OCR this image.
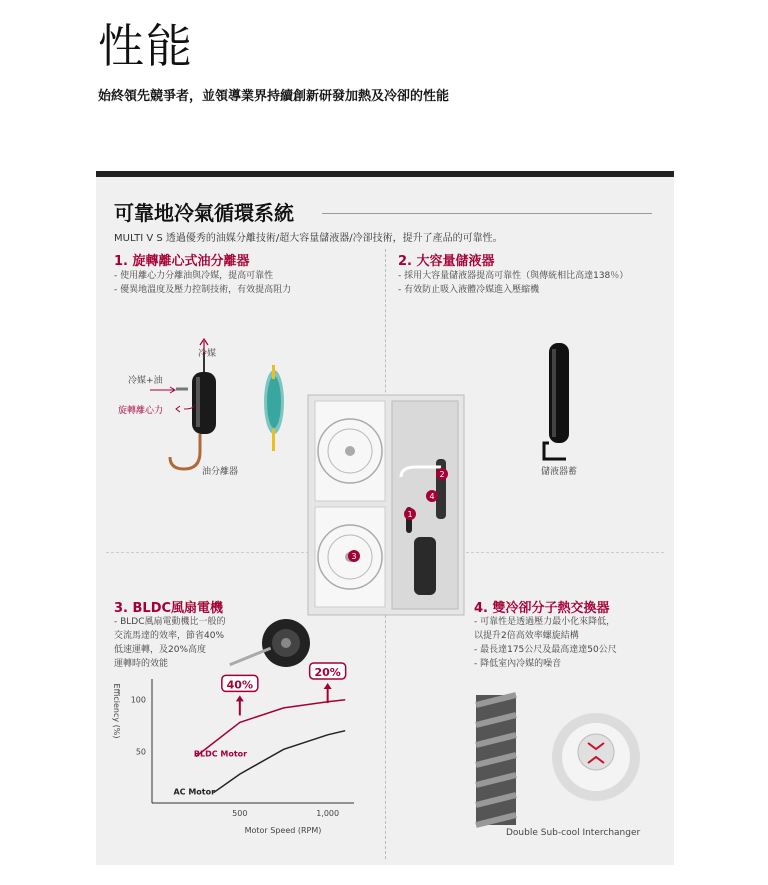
性能
始終領先競爭者，並領導業界持續創新研發加熱及冷卻的性能
可靠地冷氣循環系統
MULTI V S 透過優秀的油媒分離技術/超大容量儲液器/冷卻技術，提升了產品的可靠性。
1. 旋轉離心式油分離器
- 使用離心力分離油與冷媒，提高可靠性
- 優異地溫度及壓力控制技術，有效提高阻力
2. 大容量儲液器
- 採用大容量儲液器提高可靠性（與傳統相比高達138％）
- 有效防止吸入液體冷媒進入壓縮機
1
2
3
4
冷媒
冷媒+油
旋轉離心力
油分離器	儲液器蓄
3. BLDC風扇電機
- BLDC風扇電動機比一般的
交流馬達的效率，節省40%
低速運轉，及20%高度
運轉時的效能
4. 雙冷卻分子熱交換器
- 可靠性是透過壓力最小化來降低，
以提升2倍高效率螺旋結構
- 最長達175公尺及最高達達50公尺
- 降低室內冷媒的噪音
Double Sub-cool Interchanger
100
50
500	1,000
Motor Speed (RPM)
Efficiency (%)
BLDC Motor
AC Motor
40%
20%
